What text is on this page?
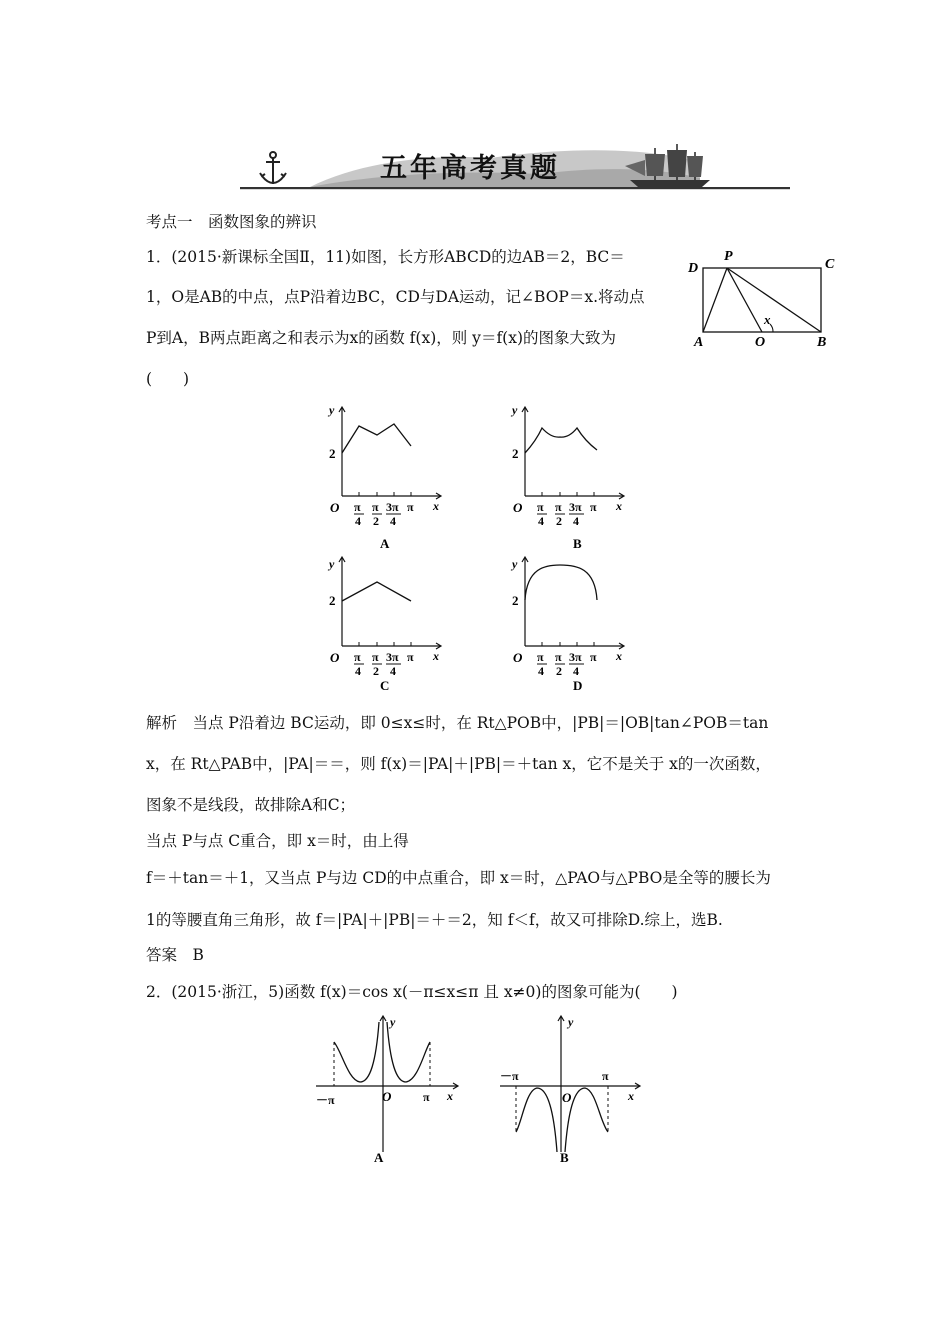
五年高考真题
考点一　函数图象的辨识
1．(2015·新课标全国Ⅱ，11)如图，长方形ABCD的边AB＝2，BC＝
1，O是AB的中点，点P沿着边BC，CD与DA运动，记∠BOP＝x.将动点
P到A，B两点距离之和表示为x的函数 f(x)，则 y＝f(x)的图象大致为
(　　)
D
P
C
A	O	B
x
y
2
O	x
π
4
π
2
3π
4
π
A
y
2
O	x
π
4
π
2
3π
4
π
B
y
2
O	x
π
4
π
2
3π
4
π
C
y
2
O	x
π
4
π
2
3π
4
π
D
解析　当点 P沿着边 BC运动，即 0≤x≤时，在 Rt△POB中，|PB|＝|OB|tan∠POB＝tan
x，在 Rt△PAB中，|PA|＝＝，则 f(x)＝|PA|＋|PB|＝＋tan x，它不是关于 x的一次函数，
图象不是线段，故排除A和C；
当点 P与点 C重合，即 x＝时，由上得
f＝＋tan＝＋1，又当点 P与边 CD的中点重合，即 x＝时，△PAO与△PBO是全等的腰长为
1的等腰直角三角形，故 f＝|PA|＋|PB|＝＋＝2，知 f＜f，故又可排除D.综上，选B.
答案　B
2．(2015·浙江，5)函数 f(x)＝cos x(－π≤x≤π 且 x≠0)的图象可能为(　　)
y
－π	O	π x
A
y
－π
O
π
x
B
